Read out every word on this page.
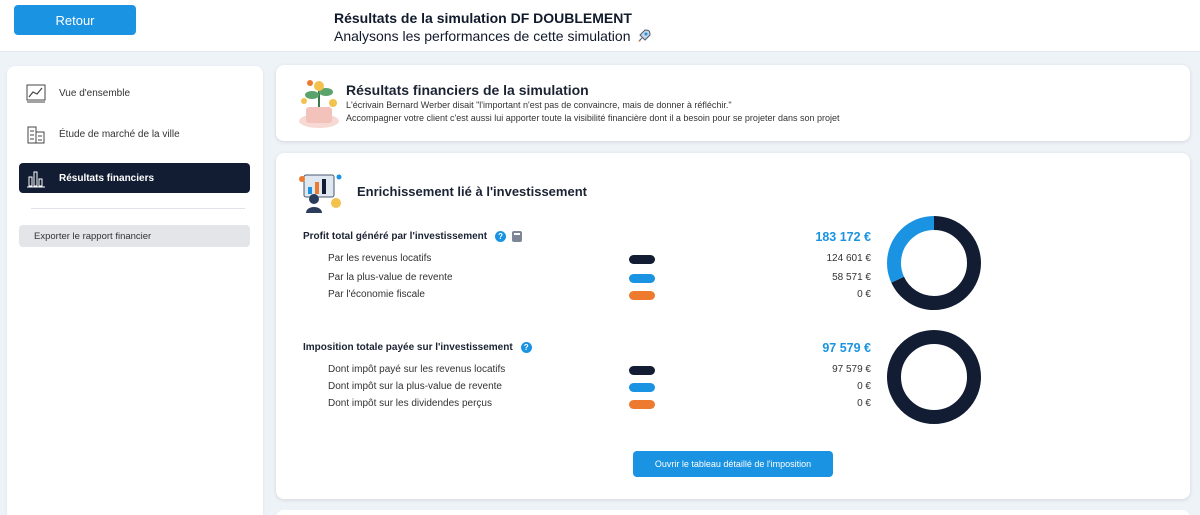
Retour	Résultats de la simulation DF DOUBLEMENT
Analysons les performances de cette simulation
Vue d'ensemble
Étude de marché de la ville
Résultats financiers
Exporter le rapport financier
Résultats financiers de la simulation
L'écrivain Bernard Werber disait "l'important n'est pas de convaincre, mais de donner à réfléchir."
Accompagner votre client c'est aussi lui apporter toute la visibilité financière dont il a besoin pour se projeter dans son projet
Enrichissement lié à l'investissement
Profit total généré par l'investissement	?	183 172 €
Par les revenus locatifs	124 601 €
Par la plus-value de revente	58 571 €
Par l'économie fiscale	0 €
Imposition totale payée sur l'investissement	?	97 579 €
Dont impôt payé sur les revenus locatifs	97 579 €
Dont impôt sur la plus-value de revente	0 €
Dont impôt sur les dividendes perçus	0 €
Ouvrir le tableau détaillé de l'imposition
